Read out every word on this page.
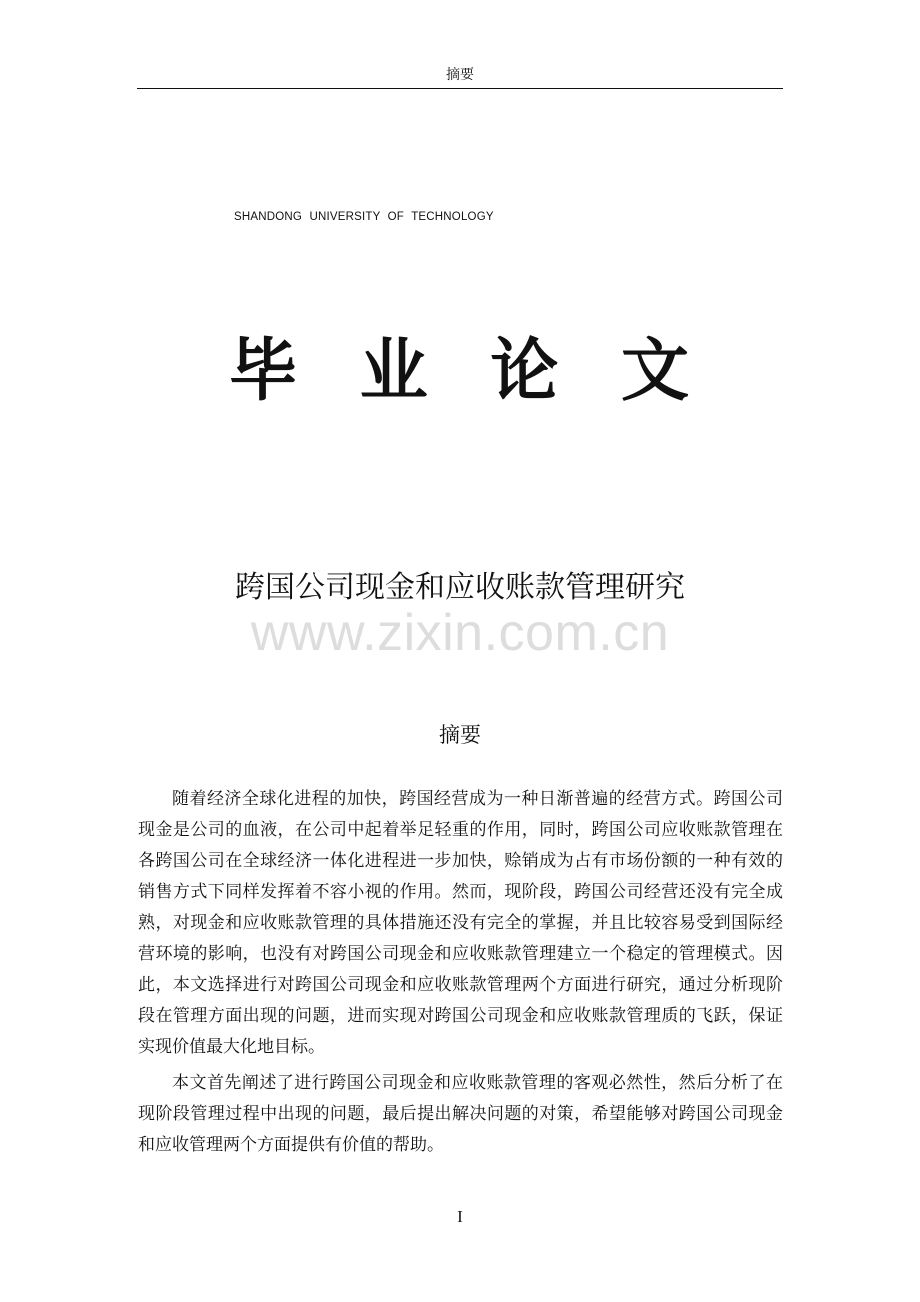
摘要
SHANDONG UNIVERSITY OF TECHNOLOGY
毕 业 论 文
跨国公司现金和应收账款管理研究
www.zixin.com.cn
摘要

随着经济全球化进程的加快，跨国经营成为一种日渐普遍的经营方式。跨国公司现金是公司的血液，在公司中起着举足轻重的作用，同时，跨国公司应收账款管理在各跨国公司在全球经济一体化进程进一步加快，赊销成为占有市场份额的一种有效的销售方式下同样发挥着不容小视的作用。然而，现阶段，跨国公司经营还没有完全成熟，对现金和应收账款管理的具体措施还没有完全的掌握，并且比较容易受到国际经营环境的影响，也没有对跨国公司现金和应收账款管理建立一个稳定的管理模式。因此，本文选择进行对跨国公司现金和应收账款管理两个方面进行研究，通过分析现阶段在管理方面出现的问题，进而实现对跨国公司现金和应收账款管理质的飞跃，保证实现价值最大化地目标。

本文首先阐述了进行跨国公司现金和应收账款管理的客观必然性，然后分析了在现阶段管理过程中出现的问题，最后提出解决问题的对策，希望能够对跨国公司现金和应收管理两个方面提供有价值的帮助。

I
